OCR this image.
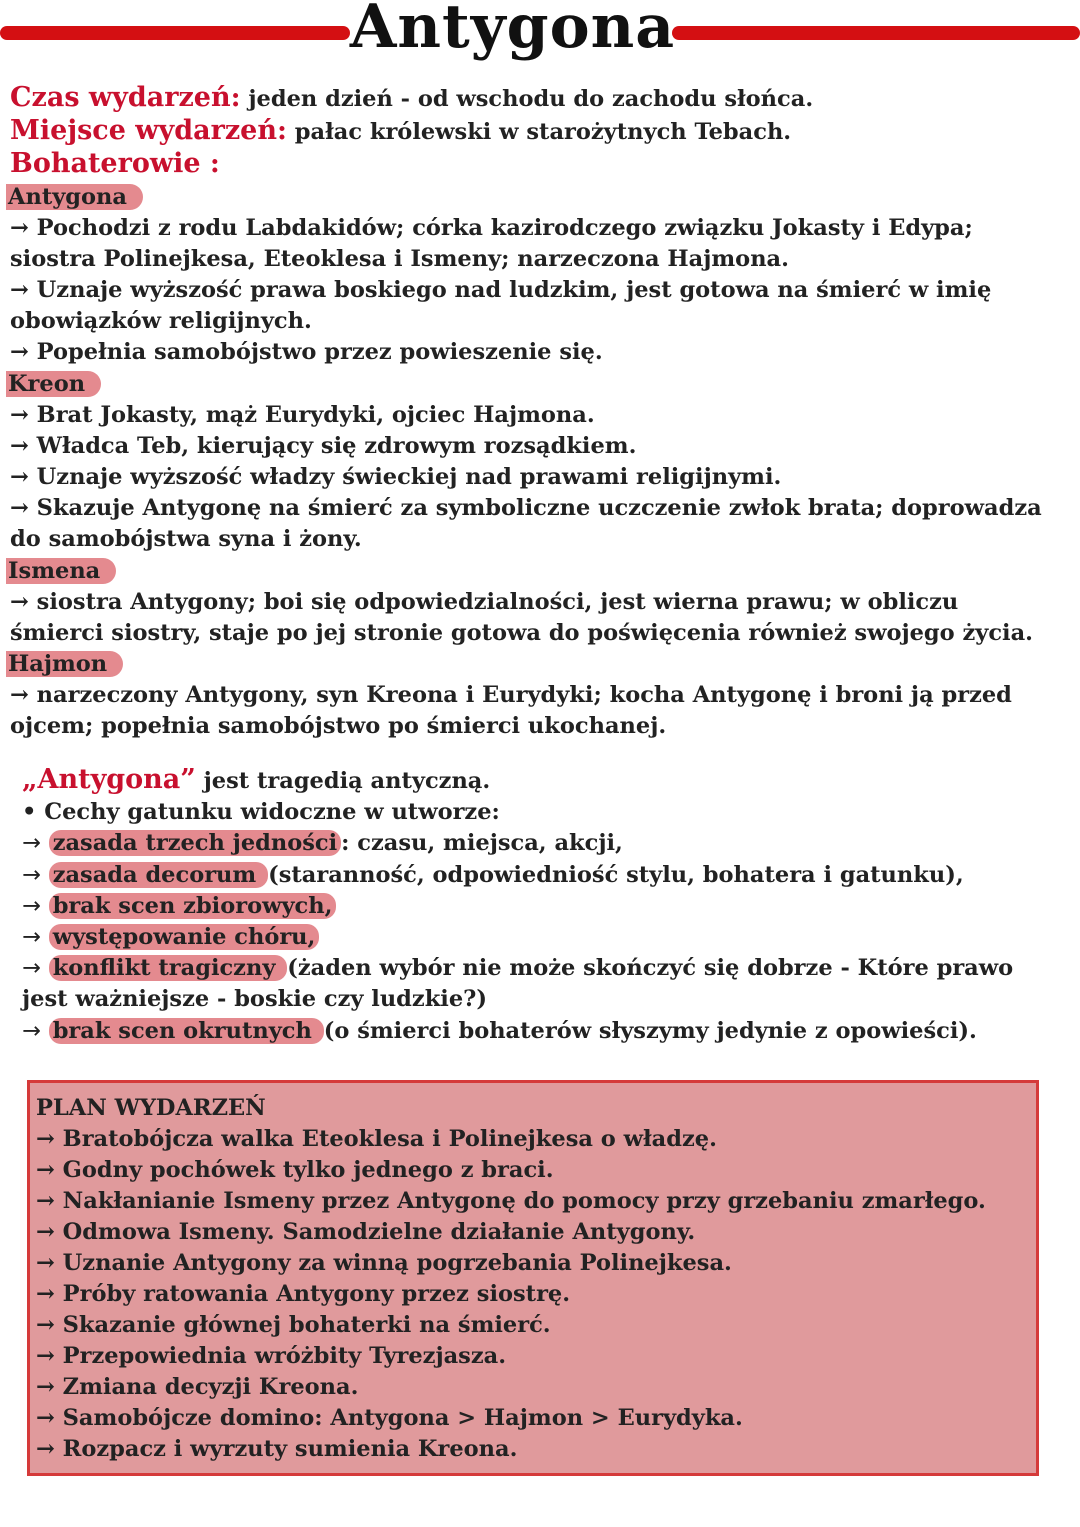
Antygona
Czas wydarzeń: jeden dzień - od wschodu do zachodu słońca.
Miejsce wydarzeń: pałac królewski w starożytnych Tebach.
Bohaterowie :
Antygona
→ Pochodzi z rodu Labdakidów; córka kazirodczego związku Jokasty i Edypa;
siostra Polinejkesa, Eteoklesa i Ismeny; narzeczona Hajmona.
→ Uznaje wyższość prawa boskiego nad ludzkim, jest gotowa na śmierć w imię
obowiązków religijnych.
→ Popełnia samobójstwo przez powieszenie się.
Kreon
→ Brat Jokasty, mąż Eurydyki, ojciec Hajmona.
→ Władca Teb, kierujący się zdrowym rozsądkiem.
→ Uznaje wyższość władzy świeckiej nad prawami religijnymi.
→ Skazuje Antygonę na śmierć za symboliczne uczczenie zwłok brata; doprowadza
do samobójstwa syna i żony.
Ismena
→ siostra Antygony; boi się odpowiedzialności, jest wierna prawu; w obliczu
śmierci siostry, staje po jej stronie gotowa do poświęcenia również swojego życia.
Hajmon
→ narzeczony Antygony, syn Kreona i Eurydyki; kocha Antygonę i broni ją przed
ojcem; popełnia samobójstwo po śmierci ukochanej.
„Antygona” jest tragedią antyczną.
• Cechy gatunku widoczne w utworze:
→ zasada trzech jedności : czasu, miejsca, akcji,
→ zasada decorum (staranność, odpowiedniość stylu, bohatera i gatunku),
→ brak scen zbiorowych,
→ występowanie chóru,
→ konflikt tragiczny (żaden wybór nie może skończyć się dobrze - Które prawo
jest ważniejsze - boskie czy ludzkie?)
→ brak scen okrutnych (o śmierci bohaterów słyszymy jedynie z opowieści).
PLAN WYDARZEŃ
→ Bratobójcza walka Eteoklesa i Polinejkesa o władzę.
→ Godny pochówek tylko jednego z braci.
→ Nakłanianie Ismeny przez Antygonę do pomocy przy grzebaniu zmarłego.
→ Odmowa Ismeny. Samodzielne działanie Antygony.
→ Uznanie Antygony za winną pogrzebania Polinejkesa.
→ Próby ratowania Antygony przez siostrę.
→ Skazanie głównej bohaterki na śmierć.
→ Przepowiednia wróżbity Tyrezjasza.
→ Zmiana decyzji Kreona.
→ Samobójcze domino: Antygona > Hajmon > Eurydyka.
→ Rozpacz i wyrzuty sumienia Kreona.
